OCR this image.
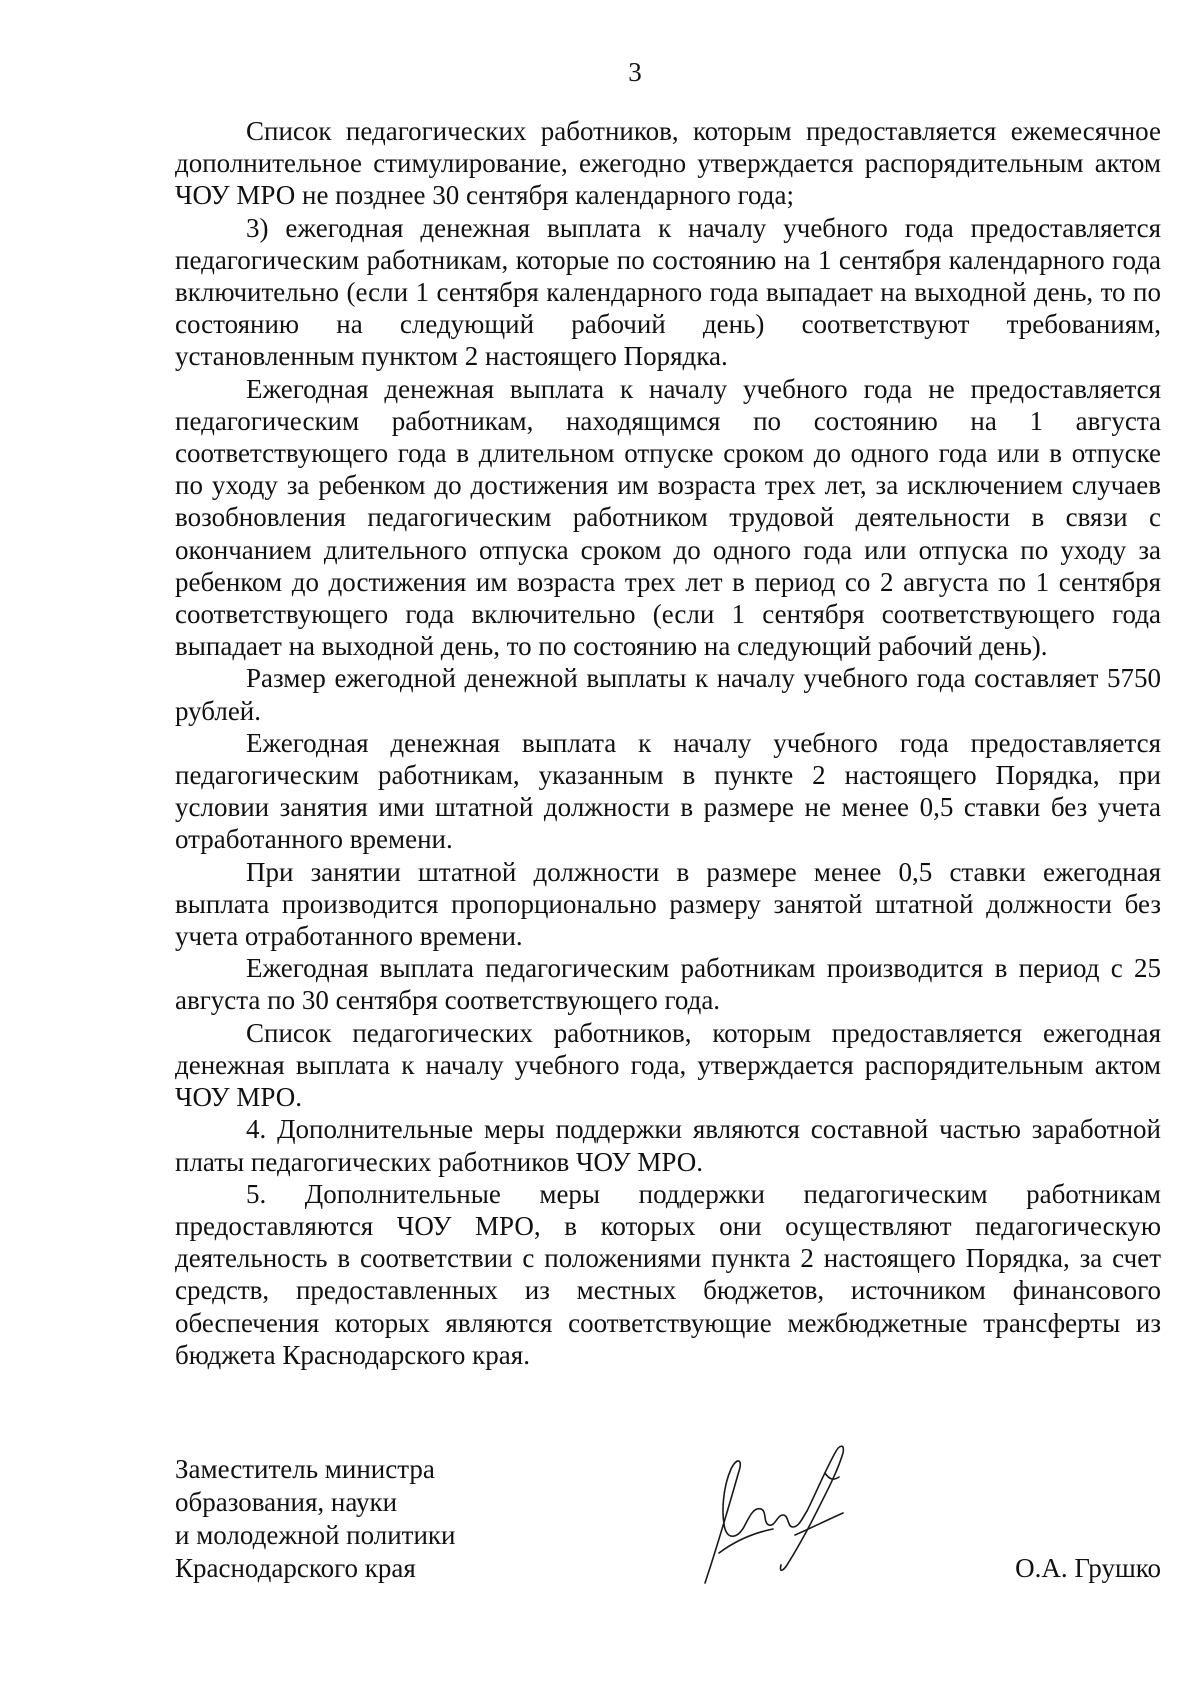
3

Список педагогических работников, которым предоставляется ежемесячное дополнительное стимулирование, ежегодно утверждается распорядительным актом ЧОУ МРО не позднее 30 сентября календарного года;

3) ежегодная денежная выплата к началу учебного года предоставляется педагогическим работникам, которые по состоянию на 1 сентября календарного года включительно (если 1 сентября календарного года выпадает на выходной день, то по состоянию на следующий рабочий день) соответствуют требованиям, установленным пунктом 2 настоящего Порядка.

Ежегодная денежная выплата к началу учебного года не предоставляется педагогическим работникам, находящимся по состоянию на 1 августа соответствующего года в длительном отпуске сроком до одного года или в отпуске по уходу за ребенком до достижения им возраста трех лет, за исключением случаев возобновления педагогическим работником трудовой деятельности в связи с окончанием длительного отпуска сроком до одного года или отпуска по уходу за ребенком до достижения им возраста трех лет в период со 2 августа по 1 сентября соответствующего года включительно (если 1 сентября соответствующего года выпадает на выходной день, то по состоянию на следующий рабочий день).

Размер ежегодной денежной выплаты к началу учебного года составляет 5750 рублей.

Ежегодная денежная выплата к началу учебного года предоставляется педагогическим работникам, указанным в пункте 2 настоящего Порядка, при условии занятия ими штатной должности в размере не менее 0,5 ставки без учета отработанного времени.

При занятии штатной должности в размере менее 0,5 ставки ежегодная выплата производится пропорционально размеру занятой штатной должности без учета отработанного времени.

Ежегодная выплата педагогическим работникам производится в период с 25 августа по 30 сентября соответствующего года.

Список педагогических работников, которым предоставляется ежегодная денежная выплата к началу учебного года, утверждается распорядительным актом ЧОУ МРО.

4. Дополнительные меры поддержки являются составной частью заработной платы педагогических работников ЧОУ МРО.

5. Дополнительные меры поддержки педагогическим работникам предоставляются ЧОУ МРО, в которых они осуществляют педагогическую деятельность в соответствии с положениями пункта 2 настоящего Порядка, за счет средств, предоставленных из местных бюджетов, источником финансового обеспечения которых являются соответствующие межбюджетные трансферты из бюджета Краснодарского края.

Заместитель министра
образования, науки
и молодежной политики
Краснодарского края	О.А. Грушко
